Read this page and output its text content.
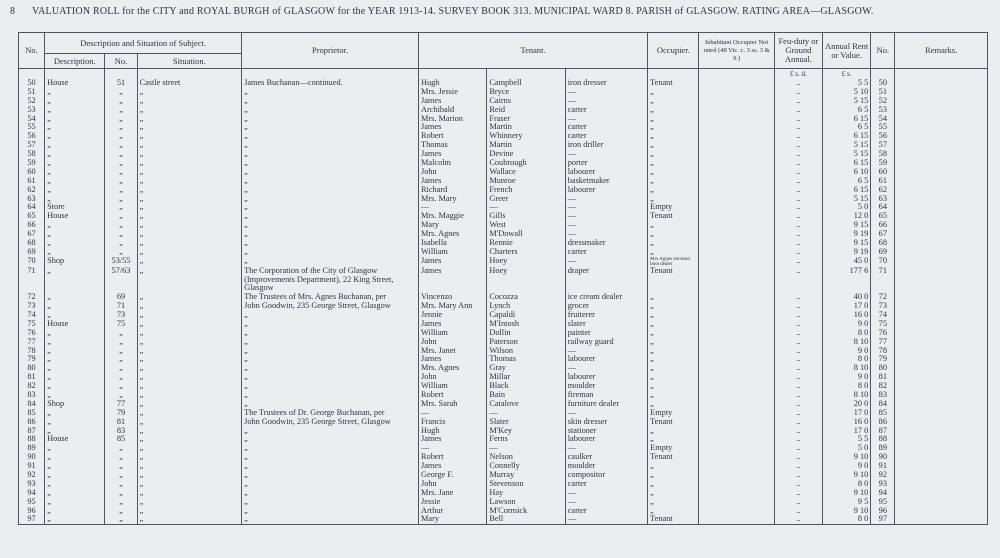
8 VALUATION ROLL for the CITY and ROYAL BURGH of GLASGOW for the YEAR 1913-14. SURVEY BOOK 313. MUNICIPAL WARD 8. PARISH of GLASGOW. RATING AREA—GLASGOW.
No.	Description and Situation of Subject.			Proprietor.	Tenant.			Occupier.	Inhabitant Occupier Not rated (48 Vic. c. 3 ss. 3 & 9.)	Feu-duty or Ground Annual.	Annual Rent or Value.	No.	Remarks.
	Description.	No.	Situation.										
										£ s. d.	£ s.		
50	House	51	Castle street	James Buchanan—continued.	Hugh	Campbell	iron dresser	Tenant		..	5 5	50	
51	„	„	„	„	Mrs. Jessie	Bryce	—	„		..	5 10	51	
52	„	„	„	„	James	Cairns	—	„		..	5 15	52	
53	„	„	„	„	Archibald	Reid	carter	„		..	6 5	53	
54	„	„	„	„	Mrs. Marion	Fraser	—	„		..	6 15	54	
55	„	„	„	„	James	Martin	carter	„		..	6 5	55	
56	„	„	„	„	Robert	Whinnery	carter	„		..	6 15	56	
57	„	„	„	„	Thomas	Martin	iron driller	„		..	5 15	57	
58	„	„	„	„	James	Devine	—	„		..	5 15	58	
59	„	„	„	„	Malcolm	Coubrough	porter	„		..	6 15	59	
60	„	„	„	„	John	Wallace	labourer	„		..	6 10	60	
61	„	„	„	„	James	Munroe	basketmaker	„		..	6 5	61	
62	„	„	„	„	Richard	French	labourer	„		..	6 15	62	
63	„	„	„	„	Mrs. Mary	Greer	—	„		..	5 15	63	
64	Store	„	„	„	—	—	—	Empty		..	5 0	64	
65	House	„	„	„	Mrs. Maggie	Gills	—	Tenant		..	12 0	65	
66	„	„	„	„	Mary	West	—	„		..	9 15	66	
67	„	„	„	„	Mrs. Agnes	M'Dowall	—	„		..	9 19	67	
68	„	„	„	„	Isabella	Rennie	dressmaker	„		..	9 15	68	
69	„	„	„	„	William	Charters	carter	„		..	9 19	69	
70	Shop	53/55	„	„	James	Hoey	—	Mrs Agnes Dickson boot dealer		..	45 0	70	
71	„	57/63	„	The Corporation of the City of Glasgow (Improvements Department), 22 King Street, Glasgow	James	Hoey	draper	Tenant		..	177 6	71	
72	„	69	„	The Trustees of Mrs. Agnes Buchanan, per	Vincenzo	Cocozza	ice cream dealer	„		..	40 0	72	
73	„	71	„	John Goodwin, 235 George Street, Glasgow	Mrs. Mary Ann	Lynch	grocer	„		..	17 0	73	
74	„	73	„	„	Jennie	Capaldi	fruiterer	„		..	16 0	74	
75	House	75	„	„	James	M'Intosh	slater	„		..	9 0	75	
76	„	„	„	„	William	Dollin	painter	„		..	8 0	76	
77	„	„	„	„	John	Paterson	railway guard	„		..	8 10	77	
78	„	„	„	„	Mrs. Janet	Wilson	—	„		..	9 0	78	
79	„	„	„	„	James	Thomas	labourer	„		..	8 0	79	
80	„	„	„	„	Mrs. Agnes	Gray	—	„		..	8 10	80	
81	„	„	„	„	John	Millar	labourer	„		..	9 0	81	
82	„	„	„	„	William	Black	moulder	„		..	8 0	82	
83	„	„	„	„	Robert	Bain	fireman	„		..	8 10	83	
84	Shop	77	„	„	Mrs. Sarah	Catalove	furniture dealer	„		..	20 0	84	
85	„	79	„	The Trustees of Dr. George Buchanan, per	—	—	—	Empty		..	17 0	85	
86	„	81	„	John Goodwin, 235 George Street, Glasgow	Francis	Slater	skin dresser	Tenant		..	16 0	86	
87	„	83	„	„	Hugh	M'Key	stationer	„		..	17 0	87	
88	House	85	„	„	James	Ferns	labourer	„		..	5 5	88	
89	„	„	„	„	—	—	—	Empty		..	5 0	89	
90	„	„	„	„	Robert	Nelson	caulker	Tenant		..	9 10	90	
91	„	„	„	„	James	Connelly	moulder	„		..	9 0	91	
92	„	„	„	„	George F.	Murray	compositor	„		..	9 10	92	
93	„	„	„	„	John	Stevenson	carter	„		..	8 0	93	
94	„	„	„	„	Mrs. Jane	Hay	—	„		..	9 10	94	
95	„	„	„	„	Jessie	Lawson	—	„		..	9 5	95	
96	„	„	„	„	Arthur	M'Cormick	carter	„		..	9 10	96	
97	„	„	„	„	Mary	Bell	—	Tenant		..	8 0	97	
